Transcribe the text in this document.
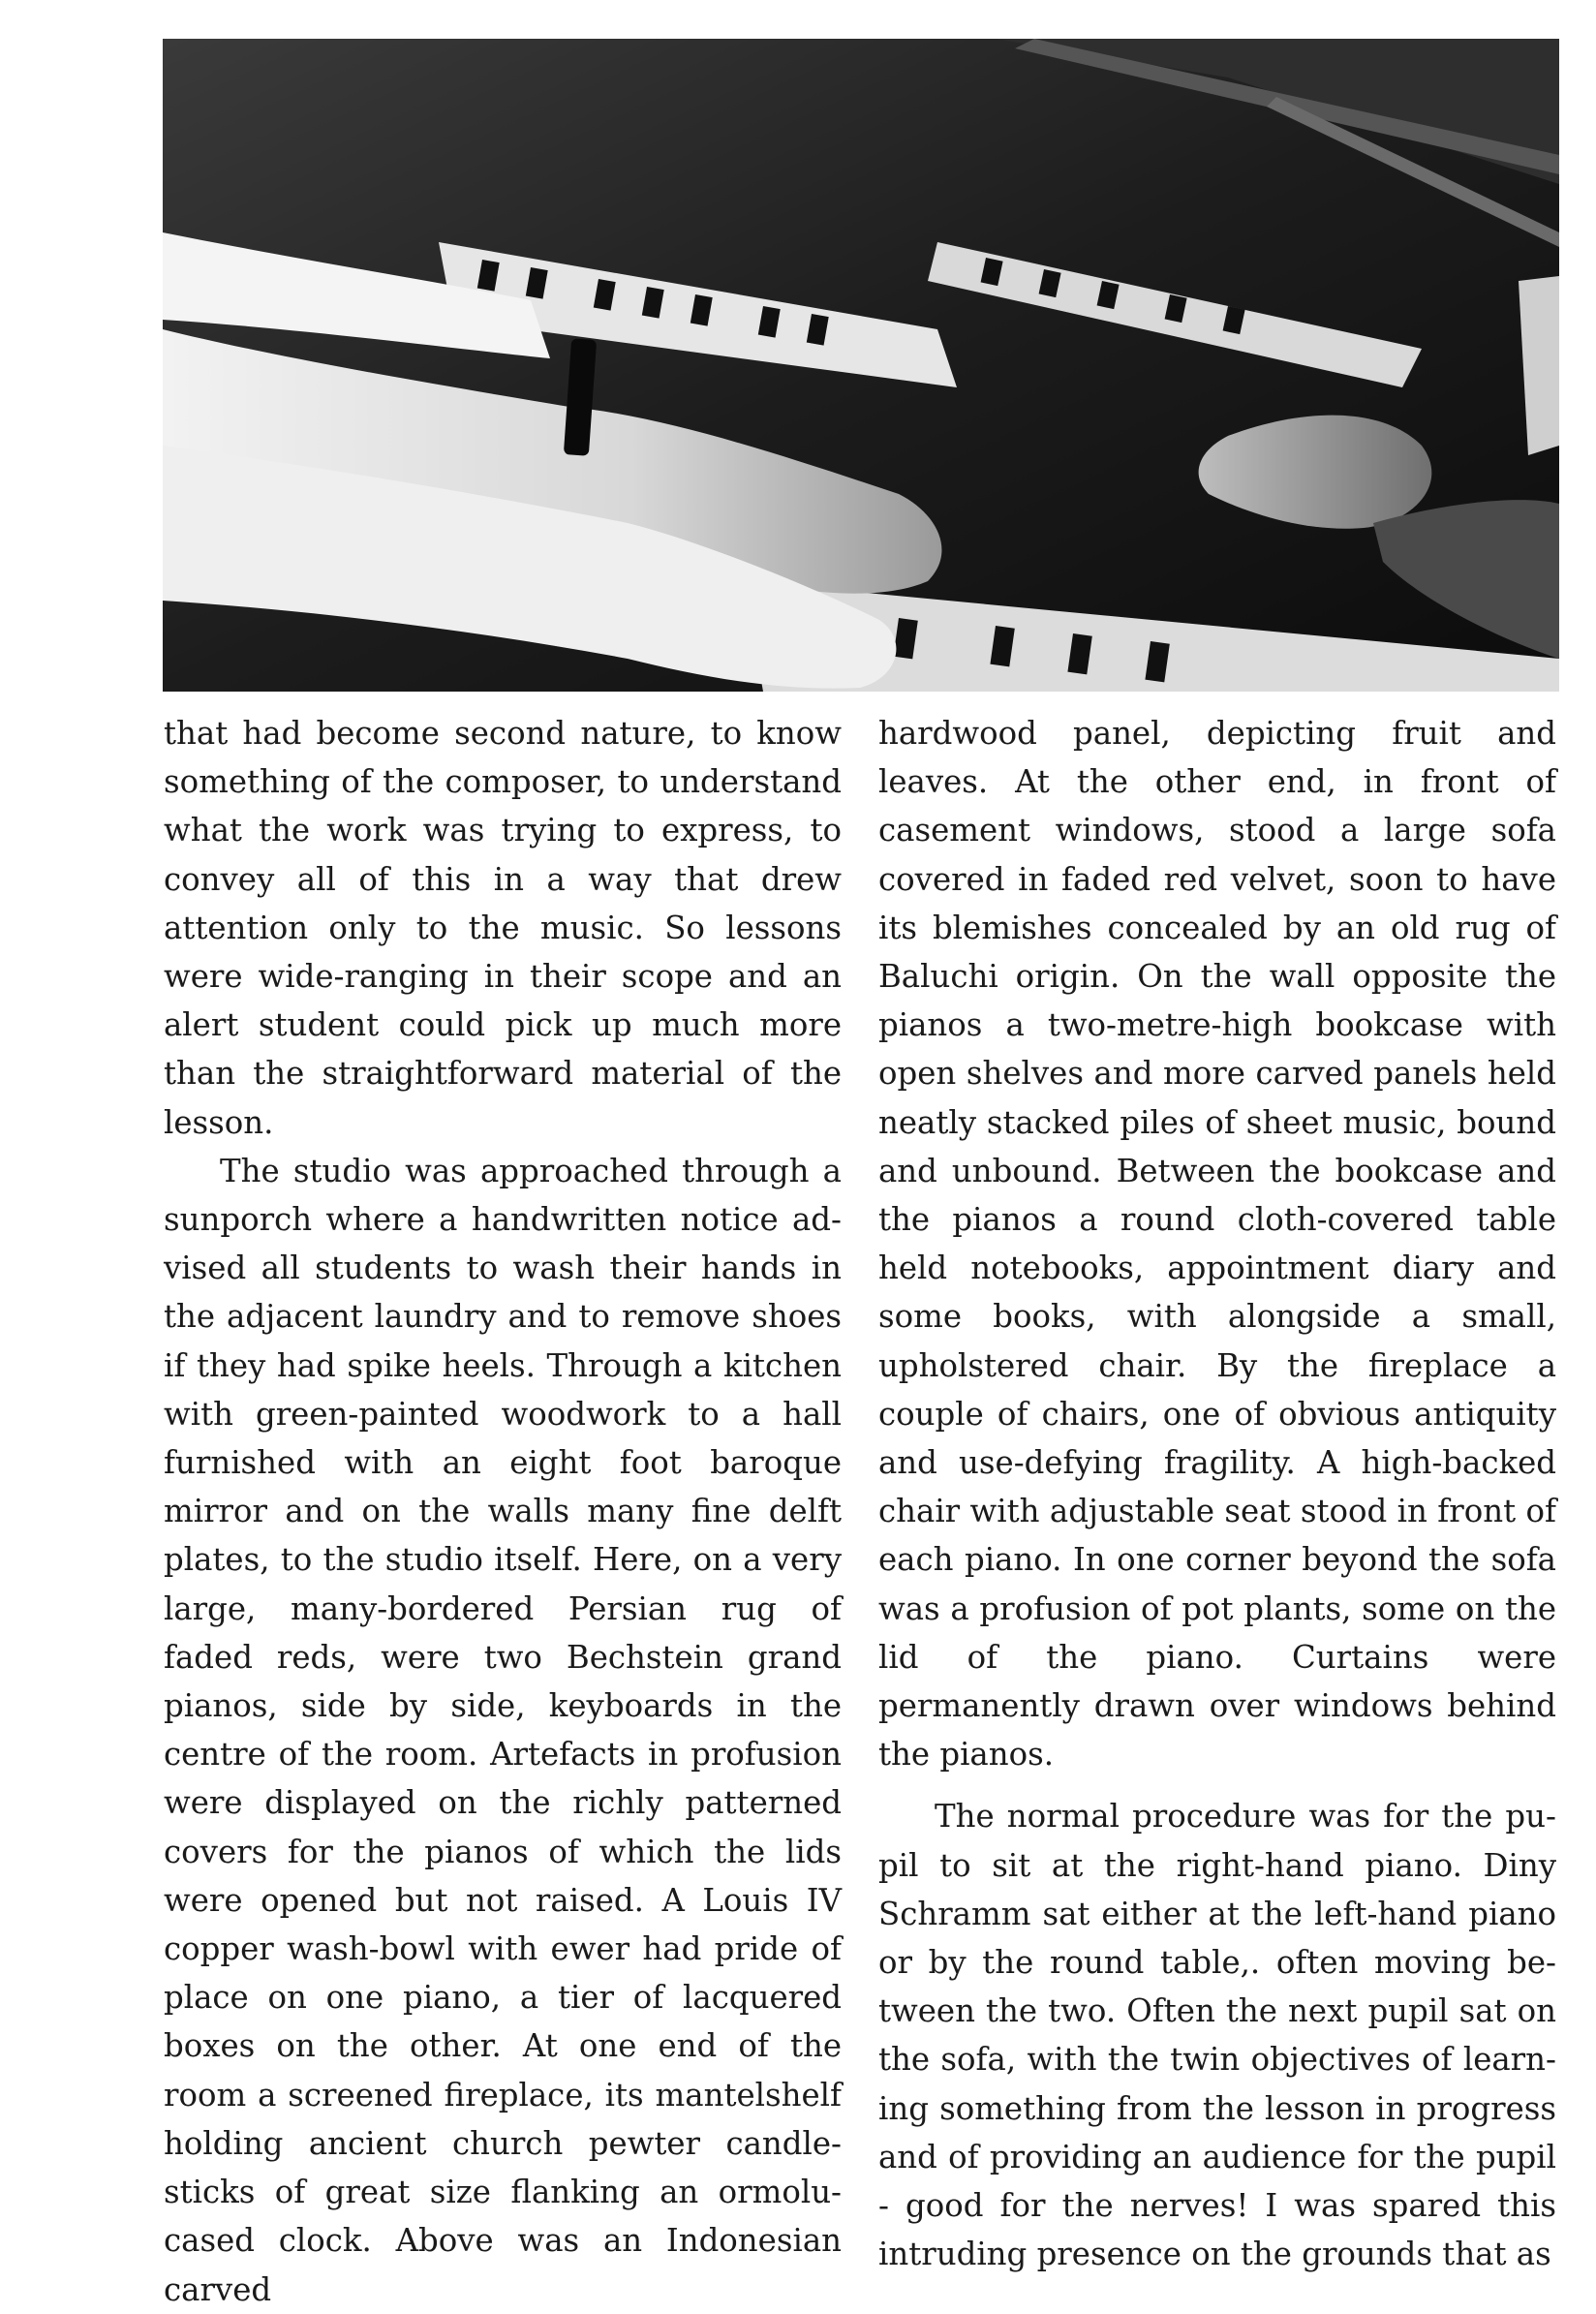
that had become second nature, to know something of the composer, to understand what the work was trying to express, to convey all of this in a way that drew attention only to the music. So lessons were wide-ranging in their scope and an alert student could pick up much more than the straightforward material of the lesson.

The studio was approached through a sunporch where a handwritten notice advised all students to wash their hands in the adjacent laundry and to remove shoes if they had spike heels. Through a kitchen with green-painted woodwork to a hall furnished with an eight foot baroque mirror and on the walls many fine delft plates, to the studio itself. Here, on a very large, many-bordered Persian rug of faded reds, were two Bechstein grand pianos, side by side, keyboards in the centre of the room. Artefacts in profusion were displayed on the richly patterned covers for the pianos of which the lids were opened but not raised. A Louis IV copper wash-bowl with ewer had pride of place on one piano, a tier of lacquered boxes on the other. At one end of the room a screened fireplace, its mantelshelf holding ancient church pewter candlesticks of great size flanking an ormolu-cased clock. Above was an Indonesian carved

hardwood panel, depicting fruit and leaves. At the other end, in front of casement windows, stood a large sofa covered in faded red velvet, soon to have its blemishes concealed by an old rug of Baluchi origin. On the wall opposite the pianos a two-metre-high bookcase with open shelves and more carved panels held neatly stacked piles of sheet music, bound and unbound. Between the bookcase and the pianos a round cloth-covered table held notebooks, appointment diary and some books, with alongside a small, upholstered chair. By the fireplace a couple of chairs, one of obvious antiquity and use-defying fragility. A high-backed chair with adjustable seat stood in front of each piano. In one corner beyond the sofa was a profusion of pot plants, some on the lid of the piano. Curtains were permanently drawn over windows behind the pianos.

The normal procedure was for the pupil to sit at the right-hand piano. Diny Schramm sat either at the left-hand piano or by the round table,. often moving between the two. Often the next pupil sat on the sofa, with the twin objectives of learning something from the lesson in progress and of providing an audience for the pupil - good for the nerves! I was spared this intruding presence on the grounds that as
